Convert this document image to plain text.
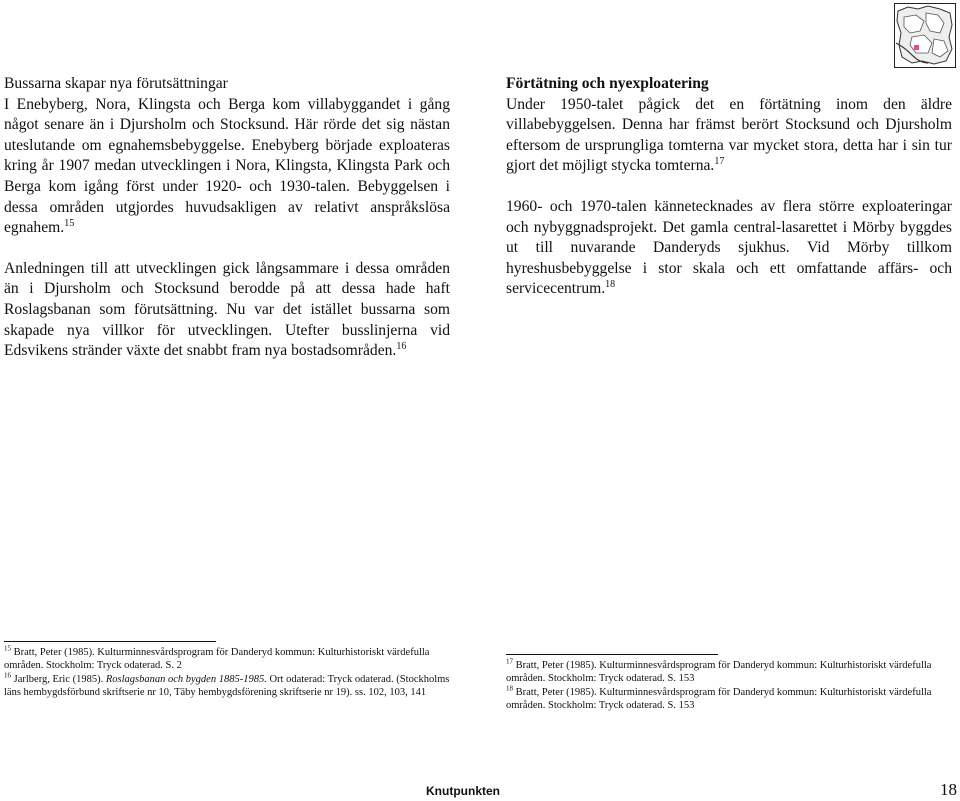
Bussarna skapar nya förutsättningar
I Enebyberg, Nora, Klingsta och Berga kom villabyggandet i gång något senare än i Djursholm och Stocksund. Här rörde det sig nästan uteslutande om egnahemsbebyggelse. Enebyberg började exploateras kring år 1907 medan utvecklingen i Nora, Klingsta, Klingsta Park och Berga kom igång först under 1920- och 1930-talen. Bebyggelsen i dessa områden utgjordes huvudsakligen av relativt anspråkslösa egnahem.$^{15}$

Anledningen till att utvecklingen gick långsammare i dessa områden än i Djursholm och Stocksund berodde på att dessa hade haft Roslagsbanan som förutsättning. Nu var det istället bussarna som skapade nya villkor för utvecklingen. Utefter busslinjerna vid Edsvikens stränder växte det snabbt fram nya bostadsområden.$^{16}$

Förtätning och nyexploatering
Under 1950-talet pågick det en förtätning inom den äldre villabebyggelsen. Denna har främst berört Stocksund och Djursholm eftersom de ursprungliga tomterna var mycket stora, detta har i sin tur gjort det möjligt stycka tomterna.$^{17}$

1960- och 1970-talen kännetecknades av flera större exploateringar och nybyggnadsprojekt. Det gamla central-lasarettet i Mörby byggdes ut till nuvarande Danderyds sjukhus. Vid Mörby tillkom hyreshusbebyggelse i stor skala och ett omfattande affärs- och servicecentrum.$^{18}$

$^{15}$ Bratt, Peter (1985). Kulturminnesvårdsprogram för Danderyd kommun: Kulturhistoriskt värdefulla områden. Stockholm: Tryck odaterad. S. 2

$^{16}$ Jarlberg, Eric (1985). Roslagsbanan och bygden 1885-1985. Ort odaterad: Tryck odaterad. (Stockholms läns hembygdsförbund skriftserie nr 10, Täby hembygdsförening skriftserie nr 19). ss. 102, 103, 141

$^{17}$ Bratt, Peter (1985). Kulturminnesvårdsprogram för Danderyd kommun: Kulturhistoriskt värdefulla områden. Stockholm: Tryck odaterad. S. 153

$^{18}$ Bratt, Peter (1985). Kulturminnesvårdsprogram för Danderyd kommun: Kulturhistoriskt värdefulla områden. Stockholm: Tryck odaterad. S. 153

Knutpunkten	18
